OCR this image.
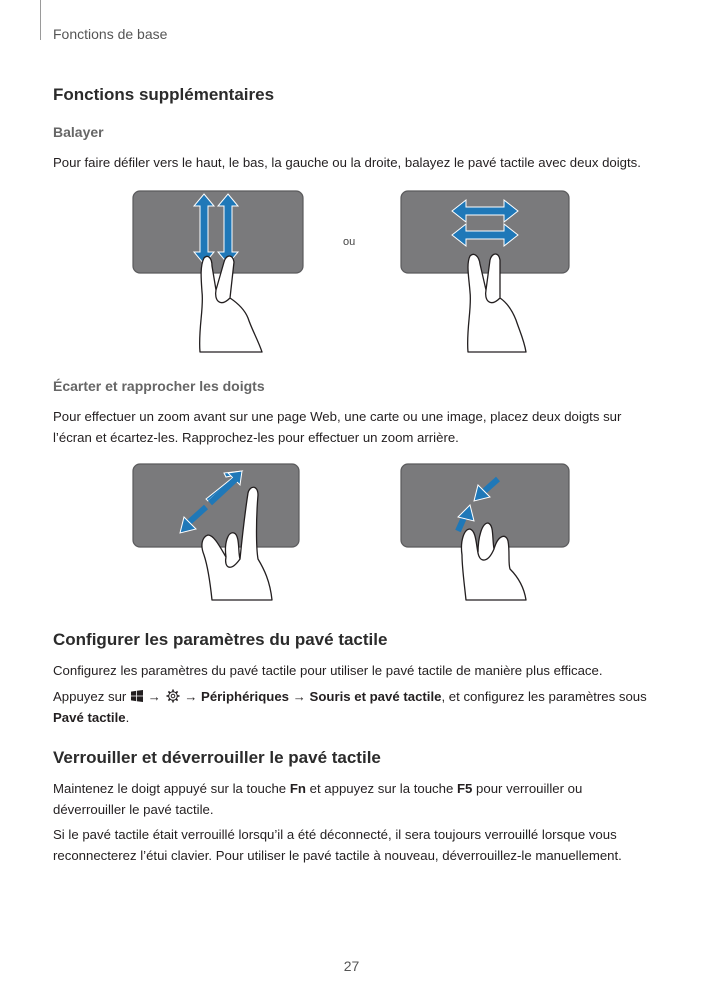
Fonctions de base
Fonctions supplémentaires
Balayer

Pour faire défiler vers le haut, le bas, la gauche ou la droite, balayez le pavé tactile avec deux doigts.

ou
Écarter et rapprocher les doigts

Pour effectuer un zoom avant sur une page Web, une carte ou une image, placez deux doigts sur l’écran et écartez-les. Rapprochez-les pour effectuer un zoom arrière.

Configurer les paramètres du pavé tactile

Configurez les paramètres du pavé tactile pour utiliser le pavé tactile de manière plus efficace.

Appuyez sur → → Périphériques → Souris et pavé tactile, et configurez les paramètres sous Pavé tactile.

Verrouiller et déverrouiller le pavé tactile

Maintenez le doigt appuyé sur la touche Fn et appuyez sur la touche F5 pour verrouiller ou déverrouiller le pavé tactile.

Si le pavé tactile était verrouillé lorsqu’il a été déconnecté, il sera toujours verrouillé lorsque vous reconnecterez l’étui clavier. Pour utiliser le pavé tactile à nouveau, déverrouillez-le manuellement.

27
